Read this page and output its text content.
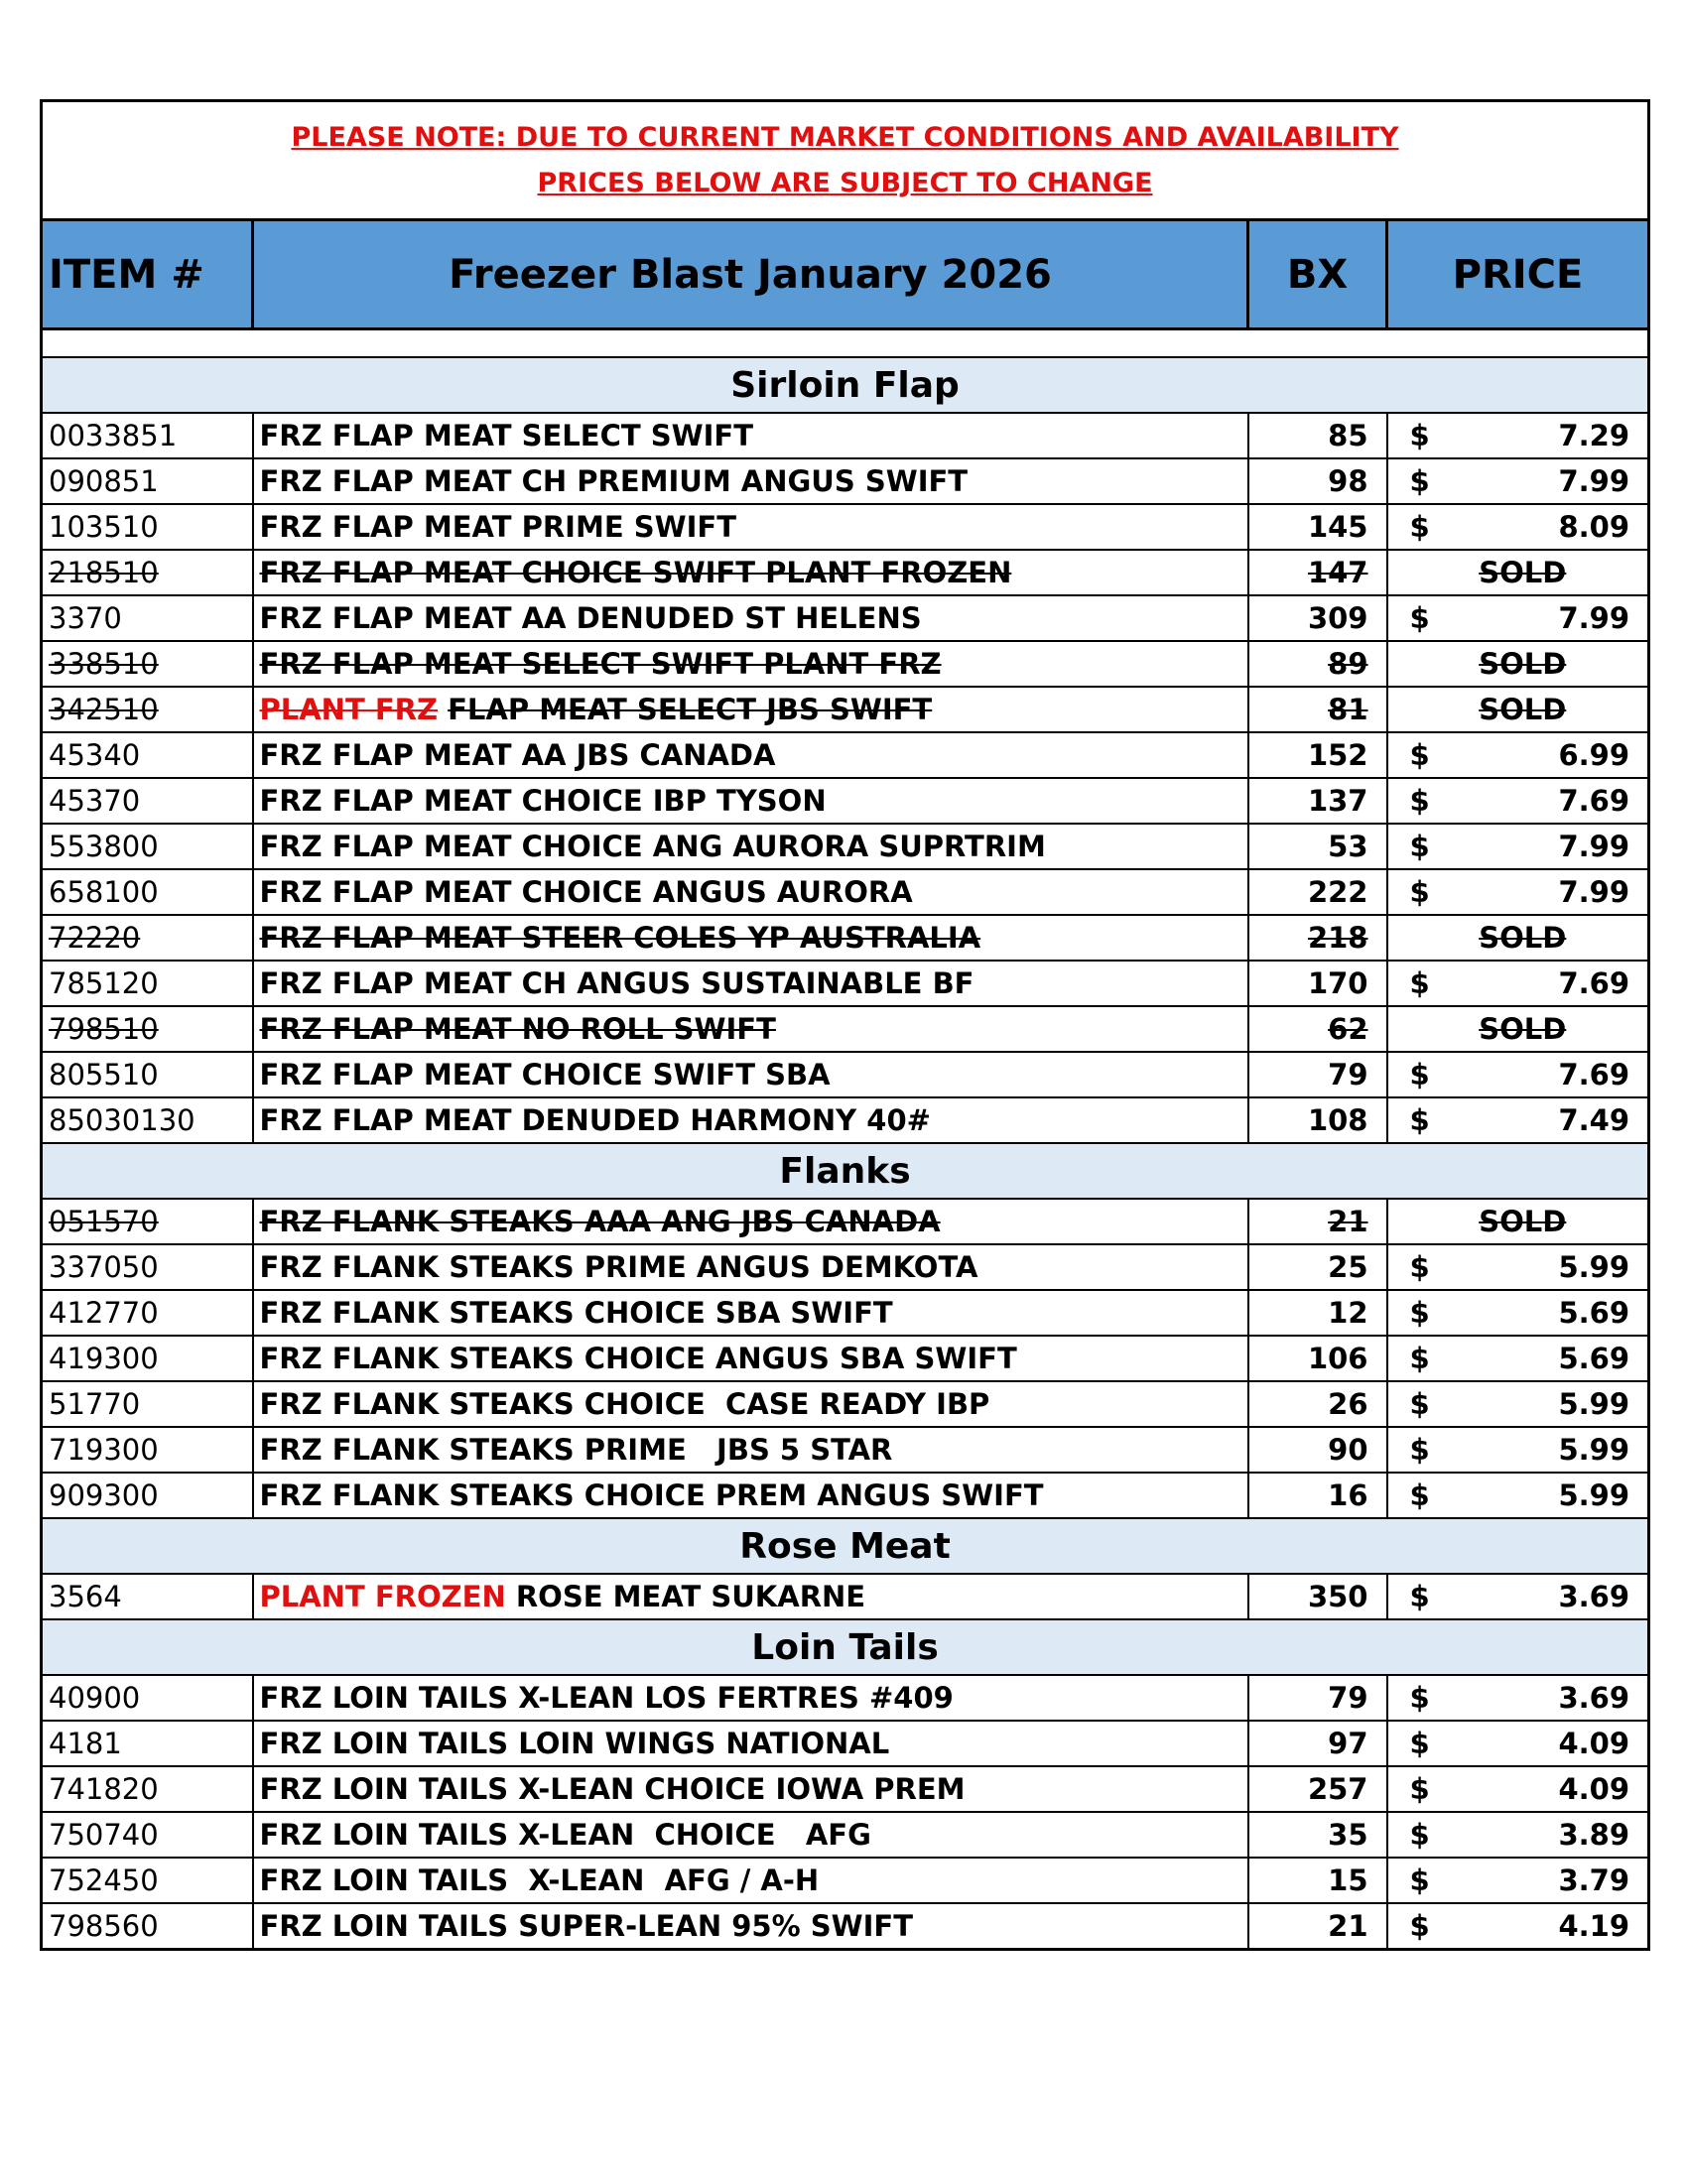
PLEASE NOTE: DUE TO CURRENT MARKET CONDITIONS AND AVAILABILITY
PRICES BELOW ARE SUBJECT TO CHANGE			

ITEM #	Freezer Blast January 2026	BX	PRICE

Sirloin Flap			
0033851	FRZ FLAP MEAT SELECT SWIFT	85	$ 7.29

090851	FRZ FLAP MEAT CH PREMIUM ANGUS SWIFT	98	$ 7.99

103510	FRZ FLAP MEAT PRIME SWIFT	145	$ 8.09

218510	FRZ FLAP MEAT CHOICE SWIFT PLANT FROZEN	147	SOLD

3370	FRZ FLAP MEAT AA DENUDED ST HELENS	309	$ 7.99

338510	FRZ FLAP MEAT SELECT SWIFT PLANT FRZ	89	SOLD

342510	PLANT FRZ FLAP MEAT SELECT JBS SWIFT	81	SOLD

45340	FRZ FLAP MEAT AA JBS CANADA	152	$ 6.99

45370	FRZ FLAP MEAT CHOICE IBP TYSON	137	$ 7.69

553800	FRZ FLAP MEAT CHOICE ANG AURORA SUPRTRIM	53	$ 7.99

658100	FRZ FLAP MEAT CHOICE ANGUS AURORA	222	$ 7.99

72220	FRZ FLAP MEAT STEER COLES YP AUSTRALIA	218	SOLD

785120	FRZ FLAP MEAT CH ANGUS SUSTAINABLE BF	170	$ 7.69

798510	FRZ FLAP MEAT NO ROLL SWIFT	62	SOLD

805510	FRZ FLAP MEAT CHOICE SWIFT SBA	79	$ 7.69

85030130	FRZ FLAP MEAT DENUDED HARMONY 40#	108	$ 7.49

Flanks			
051570	FRZ FLANK STEAKS AAA ANG JBS CANADA	21	SOLD

337050	FRZ FLANK STEAKS PRIME ANGUS DEMKOTA	25	$ 5.99

412770	FRZ FLANK STEAKS CHOICE SBA SWIFT	12	$ 5.69

419300	FRZ FLANK STEAKS CHOICE ANGUS SBA SWIFT	106	$ 5.69

51770	FRZ FLANK STEAKS CHOICE  CASE READY IBP	26	$ 5.99

719300	FRZ FLANK STEAKS PRIME   JBS 5 STAR	90	$ 5.99

909300	FRZ FLANK STEAKS CHOICE PREM ANGUS SWIFT	16	$ 5.99

Rose Meat			
3564	PLANT FROZEN ROSE MEAT SUKARNE	350	$ 3.69

Loin Tails			
40900	FRZ LOIN TAILS X-LEAN LOS FERTRES #409	79	$ 3.69

4181	FRZ LOIN TAILS LOIN WINGS NATIONAL	97	$ 4.09

741820	FRZ LOIN TAILS X-LEAN CHOICE IOWA PREM	257	$ 4.09

750740	FRZ LOIN TAILS X-LEAN  CHOICE   AFG	35	$ 3.89

752450	FRZ LOIN TAILS  X-LEAN  AFG / A-H	15	$ 3.79

798560	FRZ LOIN TAILS SUPER-LEAN 95% SWIFT	21	$ 4.19
